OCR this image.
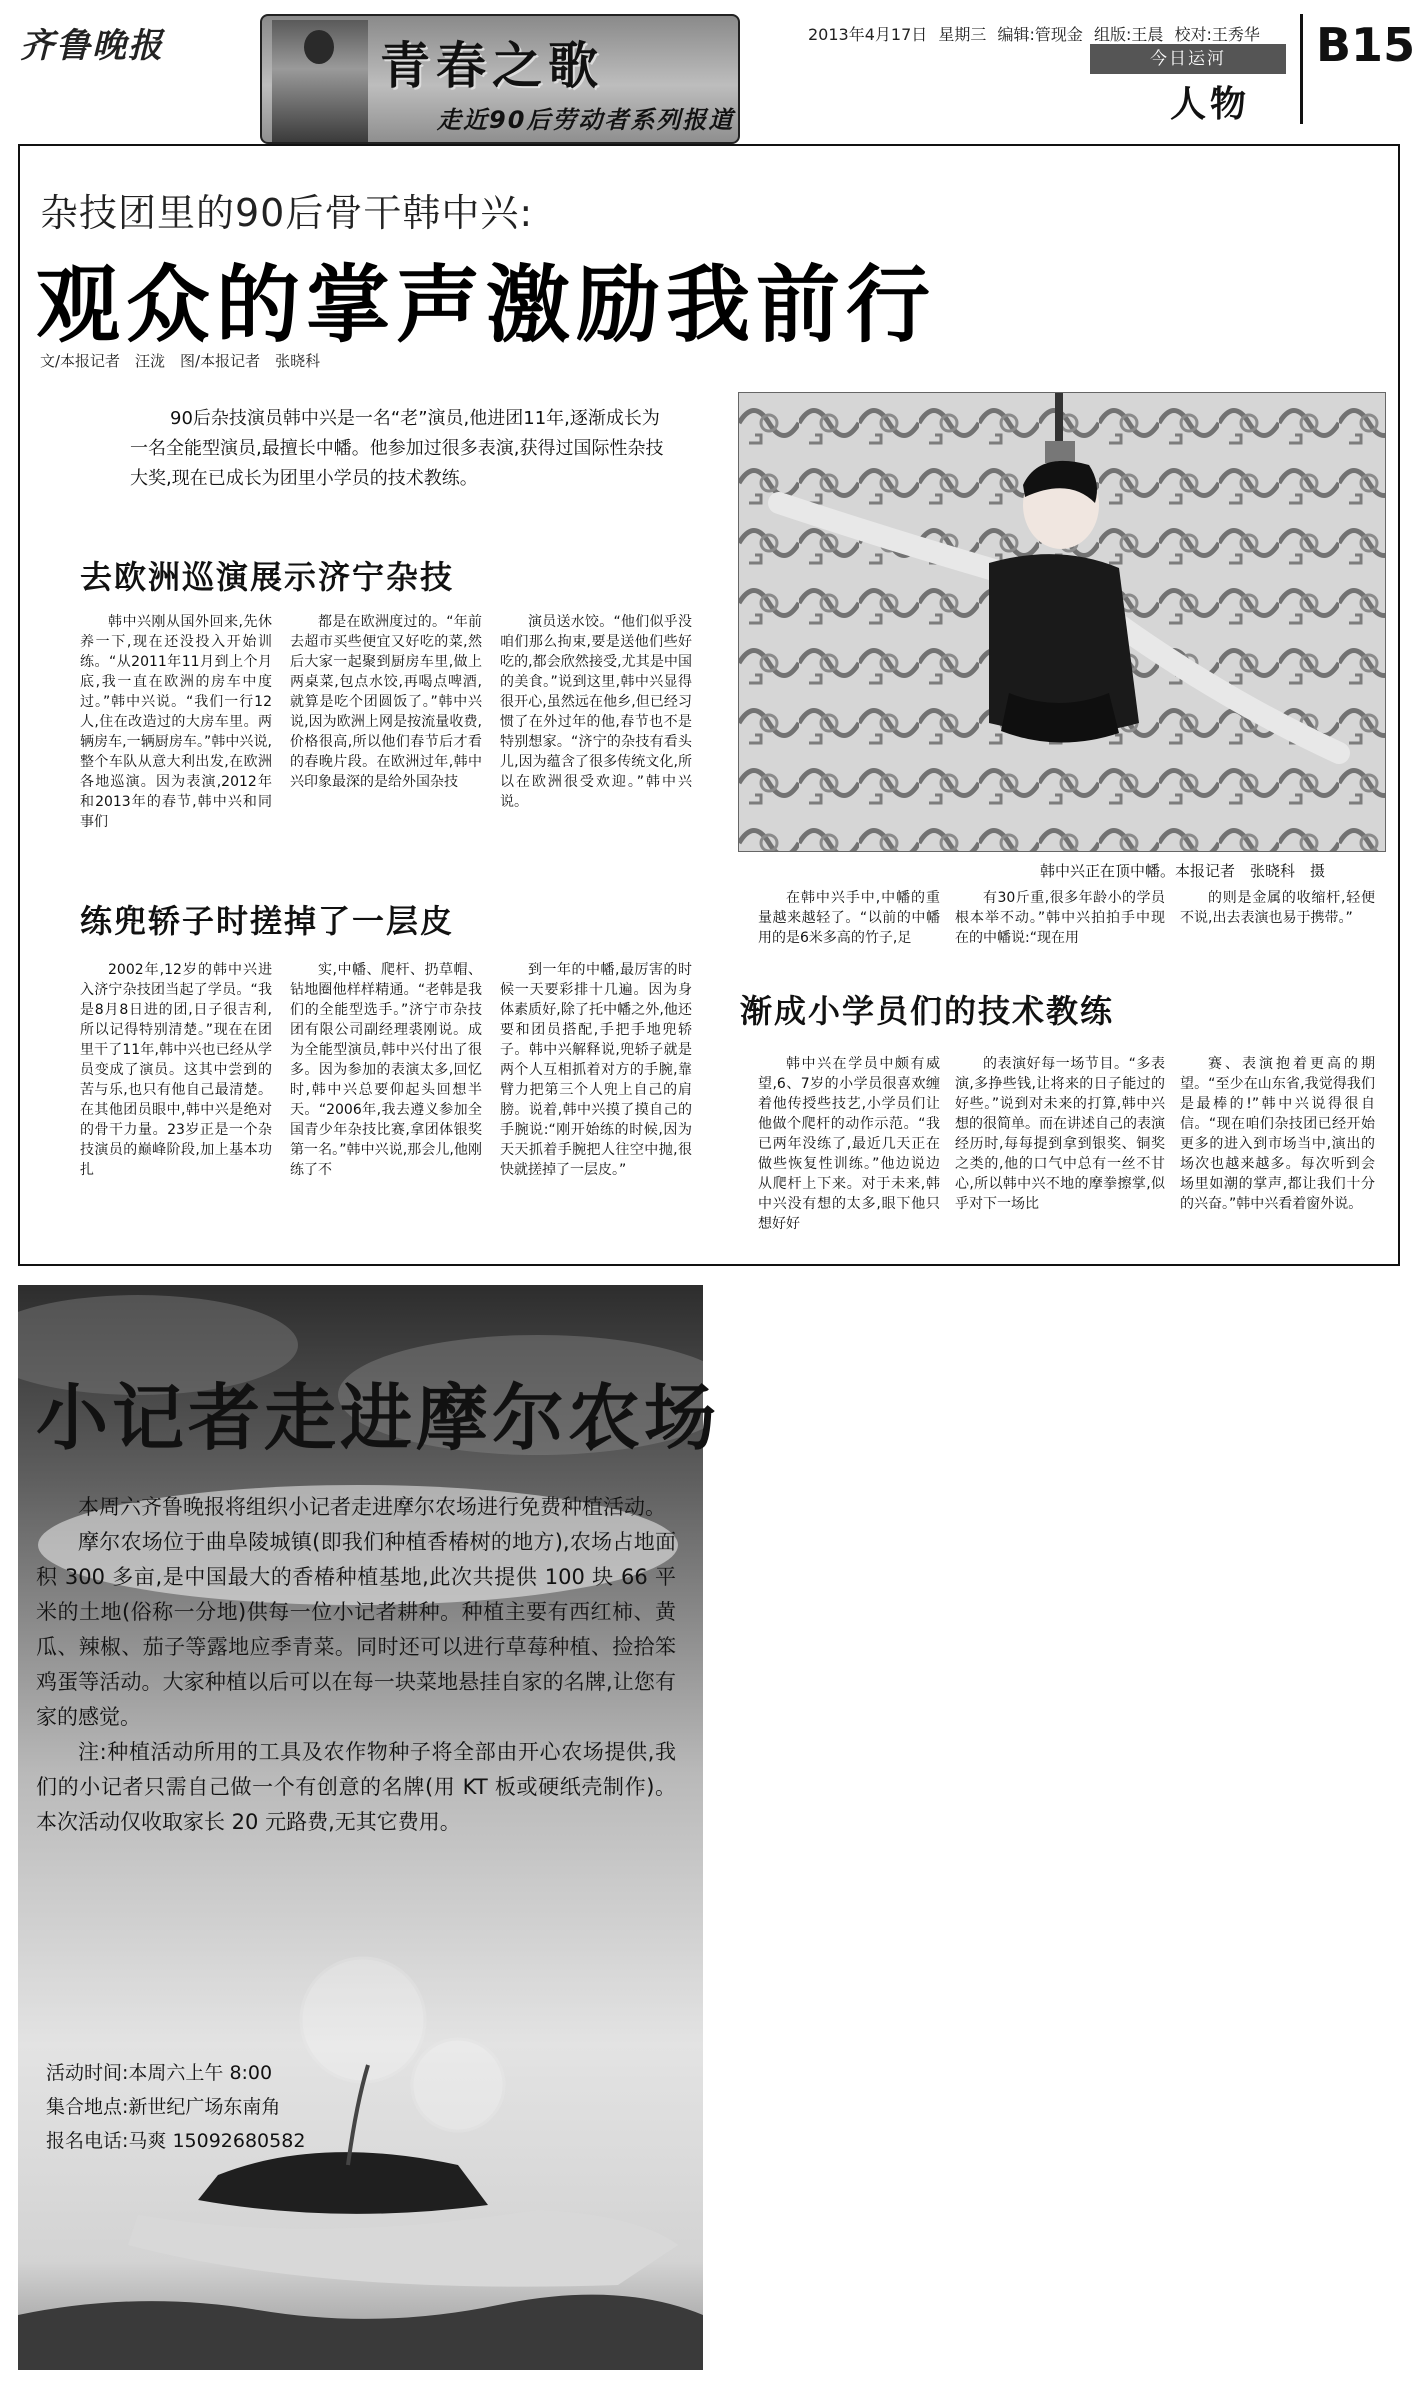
齐鲁晚报	青春之歌
走近90后劳动者系列报道
2013年4月17日 星期三 编辑:管现金 组版:王晨 校对:王秀华
今日运河
人物
B15
杂技团里的90后骨干韩中兴:
观众的掌声激励我前行
文/本报记者　汪泷　图/本报记者　张晓科
90后杂技演员韩中兴是一名“老”演员,他进团11年,逐渐成长为一名全能型演员,最擅长中幡。他参加过很多表演,获得过国际性杂技大奖,现在已成长为团里小学员的技术教练。
韩中兴正在顶中幡。本报记者　张晓科　摄
去欧洲巡演展示济宁杂技
韩中兴刚从国外回来,先休养一下,现在还没投入开始训练。“从2011年11月到上个月底,我一直在欧洲的房车中度过。”韩中兴说。“我们一行12人,住在改造过的大房车里。两辆房车,一辆厨房车。”韩中兴说,整个车队从意大利出发,在欧洲各地巡演。因为表演,2012年和2013年的春节,韩中兴和同事们
都是在欧洲度过的。“年前去超市买些便宜又好吃的菜,然后大家一起聚到厨房车里,做上两桌菜,包点水饺,再喝点啤酒,就算是吃个团圆饭了。”韩中兴说,因为欧洲上网是按流量收费,价格很高,所以他们春节后才看的春晚片段。在欧洲过年,韩中兴印象最深的是给外国杂技
演员送水饺。“他们似乎没咱们那么拘束,要是送他们些好吃的,都会欣然接受,尤其是中国的美食。”说到这里,韩中兴显得很开心,虽然远在他乡,但已经习惯了在外过年的他,春节也不是特别想家。“济宁的杂技有看头儿,因为蕴含了很多传统文化,所以在欧洲很受欢迎。”韩中兴说。
练兜轿子时搓掉了一层皮
2002年,12岁的韩中兴进入济宁杂技团当起了学员。“我是8月8日进的团,日子很吉利,所以记得特别清楚。”现在在团里干了11年,韩中兴也已经从学员变成了演员。这其中尝到的苦与乐,也只有他自己最清楚。在其他团员眼中,韩中兴是绝对的骨干力量。23岁正是一个杂技演员的巅峰阶段,加上基本功扎
实,中幡、爬杆、扔草帽、钻地圈他样样精通。“老韩是我们的全能型选手。”济宁市杂技团有限公司副经理裘刚说。成为全能型演员,韩中兴付出了很多。因为参加的表演太多,回忆时,韩中兴总要仰起头回想半天。“2006年,我去遵义参加全国青少年杂技比赛,拿团体银奖第一名。”韩中兴说,那会儿,他刚练了不
到一年的中幡,最厉害的时候一天要彩排十几遍。因为身体素质好,除了托中幡之外,他还要和团员搭配,手把手地兜轿子。韩中兴解释说,兜轿子就是两个人互相抓着对方的手腕,靠臂力把第三个人兜上自己的肩膀。说着,韩中兴摸了摸自己的手腕说:“刚开始练的时候,因为天天抓着手腕把人往空中抛,很快就搓掉了一层皮。”
在韩中兴手中,中幡的重量越来越轻了。“以前的中幡用的是6米多高的竹子,足
有30斤重,很多年龄小的学员根本举不动。”韩中兴拍拍手中现在的中幡说:“现在用
的则是金属的收缩杆,轻便不说,出去表演也易于携带。”
渐成小学员们的技术教练
韩中兴在学员中颇有威望,6、7岁的小学员很喜欢缠着他传授些技艺,小学员们让他做个爬杆的动作示范。“我已两年没练了,最近几天正在做些恢复性训练。”他边说边从爬杆上下来。对于未来,韩中兴没有想的太多,眼下他只想好好
的表演好每一场节目。“多表演,多挣些钱,让将来的日子能过的好些。”说到对未来的打算,韩中兴想的很简单。而在讲述自己的表演经历时,每每提到拿到银奖、铜奖之类的,他的口气中总有一丝不甘心,所以韩中兴不地的摩拳擦掌,似乎对下一场比
赛、表演抱着更高的期望。“至少在山东省,我觉得我们是最棒的!”韩中兴说得很自信。“现在咱们杂技团已经开始更多的进入到市场当中,演出的场次也越来越多。每次听到会场里如潮的掌声,都让我们十分的兴奋。”韩中兴看着窗外说。
小记者走进摩尔农场

本周六齐鲁晚报将组织小记者走进摩尔农场进行免费种植活动。

摩尔农场位于曲阜陵城镇(即我们种植香椿树的地方),农场占地面积 300 多亩,是中国最大的香椿种植基地,此次共提供 100 块 66 平米的土地(俗称一分地)供每一位小记者耕种。种植主要有西红柿、黄瓜、辣椒、茄子等露地应季青菜。同时还可以进行草莓种植、捡拾笨鸡蛋等活动。大家种植以后可以在每一块菜地悬挂自家的名牌,让您有家的感觉。

注:种植活动所用的工具及农作物种子将全部由开心农场提供,我们的小记者只需自己做一个有创意的名牌(用 KT 板或硬纸壳制作)。本次活动仅收取家长 20 元路费,无其它费用。

活动时间:本周六上午 8:00
集合地点:新世纪广场东南角
报名电话:马爽 15092680582
